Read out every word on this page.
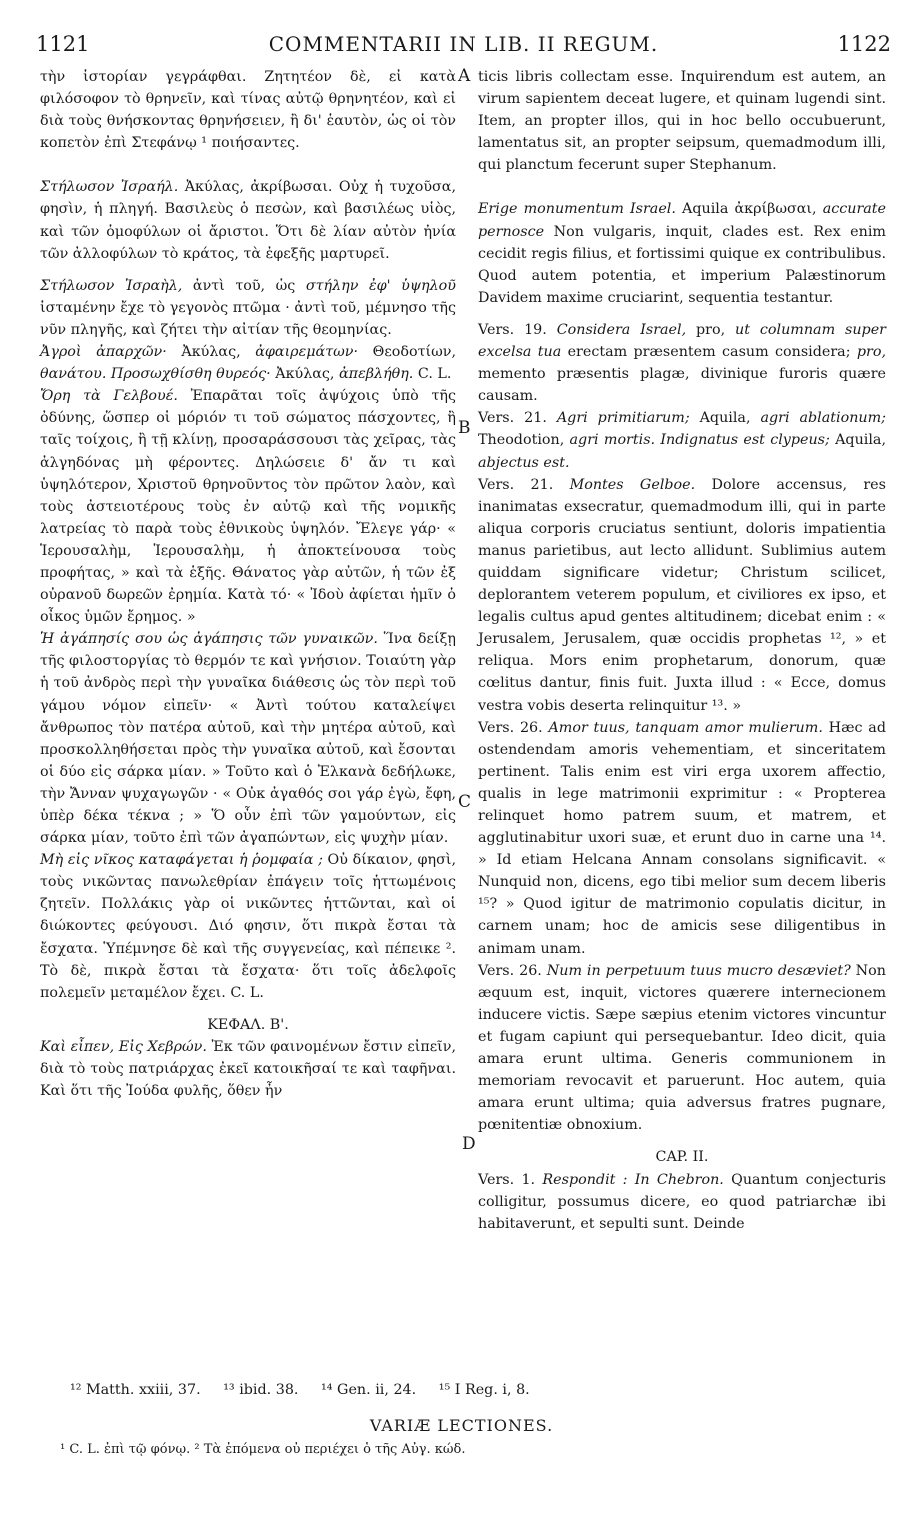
1121	COMMENTARII IN LIB. II REGUM.	1122

τὴν ἱστορίαν γεγράφθαι. Ζητητέον δὲ, εἰ κατὰ φιλόσοφον τὸ θρηνεῖν, καὶ τίνας αὐτῷ θρηνητέον, καὶ εἰ διὰ τοὺς θνήσκοντας θρηνήσειεν, ἢ δι' ἑαυτὸν, ὡς οἱ τὸν κοπετὸν ἐπὶ Στεφάνῳ ¹ ποιήσαντες.

Στήλωσον Ἰσραήλ. Ἀκύλας, ἀκρίβωσαι. Οὐχ ἡ τυχοῦσα, φησὶν, ἡ πληγή. Βασιλεὺς ὁ πεσὼν, καὶ βασιλέως υἱὸς, καὶ τῶν ὁμοφύλων οἱ ἄριστοι. Ὅτι δὲ λίαν αὐτὸν ἠνία τῶν ἀλλοφύλων τὸ κράτος, τὰ ἐφεξῆς μαρτυρεῖ.

Στήλωσον Ἰσραὴλ, ἀντὶ τοῦ, ὡς στήλην ἐφ' ὑψηλοῦ ἱσταμένην ἔχε τὸ γεγονὸς πτῶμα · ἀντὶ τοῦ, μέμνησο τῆς νῦν πληγῆς, καὶ ζήτει τὴν αἰτίαν τῆς θεομηνίας.

Ἀγροὶ ἀπαρχῶν· Ἀκύλας, ἀφαιρεμάτων· Θεοδοτίων, θανάτου. Προσωχθίσθη θυρεός· Ἀκύλας, ἀπεβλήθη. C. L.

Ὄρη τὰ Γελβουέ. Ἐπαρᾶται τοῖς ἀψύχοις ὑπὸ τῆς ὀδύνης, ὥσπερ οἱ μόριόν τι τοῦ σώματος πάσχοντες, ἢ ταῖς τοίχοις, ἢ τῇ κλίνῃ, προσαράσσουσι τὰς χεῖρας, τὰς ἀλγηδόνας μὴ φέροντες. Δηλώσειε δ' ἄν τι καὶ ὑψηλότερον, Χριστοῦ θρηνοῦντος τὸν πρῶτον λαὸν, καὶ τοὺς ἀστειοτέρους τοὺς ἐν αὐτῷ καὶ τῆς νομικῆς λατρείας τὸ παρὰ τοὺς ἐθνικοὺς ὑψηλόν. Ἔλεγε γάρ· « Ἱερουσαλὴμ, Ἱερουσαλὴμ, ἡ ἀποκτείνουσα τοὺς προφήτας, » καὶ τὰ ἑξῆς. Θάνατος γὰρ αὐτῶν, ἡ τῶν ἐξ οὐρανοῦ δωρεῶν ἐρημία. Κατὰ τό· « Ἰδοὺ ἀφίεται ἡμῖν ὁ οἶκος ὑμῶν ἔρημος. »

Ἡ ἀγάπησίς σου ὡς ἀγάπησις τῶν γυναικῶν. Ἵνα δείξῃ τῆς φιλοστοργίας τὸ θερμόν τε καὶ γνήσιον. Τοιαύτη γὰρ ἡ τοῦ ἀνδρὸς περὶ τὴν γυναῖκα διάθεσις ὡς τὸν περὶ τοῦ γάμου νόμον εἰπεῖν· « Ἀντὶ τούτου καταλείψει ἄνθρωπος τὸν πατέρα αὐτοῦ, καὶ τὴν μητέρα αὐτοῦ, καὶ προσκολληθήσεται πρὸς τὴν γυναῖκα αὐτοῦ, καὶ ἔσονται οἱ δύο εἰς σάρκα μίαν. » Τοῦτο καὶ ὁ Ἐλκανὰ δεδήλωκε, τὴν Ἄνναν ψυχαγωγῶν · « Οὐκ ἀγαθός σοι γάρ ἐγὼ, ἔφη, ὑπὲρ δέκα τέκνα ; » Ὅ οὖν ἐπὶ τῶν γαμούντων, εἰς σάρκα μίαν, τοῦτο ἐπὶ τῶν ἀγαπώντων, εἰς ψυχὴν μίαν.

Μὴ εἰς νῖκος καταφάγεται ἡ ῥομφαία ; Οὐ δίκαιον, φησὶ, τοὺς νικῶντας πανωλεθρίαν ἐπάγειν τοῖς ἡττωμένοις ζητεῖν. Πολλάκις γὰρ οἱ νικῶντες ἡττῶνται, καὶ οἱ διώκοντες φεύγουσι. Διό φησιν, ὅτι πικρὰ ἔσται τὰ ἔσχατα. Ὑπέμνησε δὲ καὶ τῆς συγγενείας, καὶ πέπεικε ². Τὸ δὲ, πικρὰ ἔσται τὰ ἔσχατα· ὅτι τοῖς ἀδελφοῖς πολεμεῖν μεταμέλον ἔχει. C. L.

ΚΕΦΑΛ. Β'.

Καὶ εἶπεν, Εἰς Χεβρών. Ἐκ τῶν φαινομένων ἔστιν εἰπεῖν, διὰ τὸ τοὺς πατριάρχας ἐκεῖ κατοικῆσαί τε καὶ ταφῆναι. Καὶ ὅτι τῆς Ἰούδα φυλῆς, ὅθεν ἦν

ticis libris collectam esse. Inquirendum est autem, an virum sapientem deceat lugere, et quinam lugendi sint. Item, an propter illos, qui in hoc bello occubuerunt, lamentatus sit, an propter seipsum, quemadmodum illi, qui planctum fecerunt super Stephanum.

Erige monumentum Israel. Aquila ἀκρίβωσαι, accurate pernosce Non vulgaris, inquit, clades est. Rex enim cecidit regis filius, et fortissimi quique ex contribulibus. Quod autem potentia, et imperium Palæstinorum Davidem maxime cruciarint, sequentia testantur.

Vers. 19. Considera Israel, pro, ut columnam super excelsa tua erectam præsentem casum considera; pro, memento præsentis plagæ, divinique furoris quære causam.

Vers. 21. Agri primitiarum; Aquila, agri ablationum; Theodotion, agri mortis. Indignatus est clypeus; Aquila, abjectus est.

Vers. 21. Montes Gelboe. Dolore accensus, res inanimatas exsecratur, quemadmodum illi, qui in parte aliqua corporis cruciatus sentiunt, doloris impatientia manus parietibus, aut lecto allidunt. Sublimius autem quiddam significare videtur; Christum scilicet, deplorantem veterem populum, et civiliores ex ipso, et legalis cultus apud gentes altitudinem; dicebat enim : « Jerusalem, Jerusalem, quæ occidis prophetas ¹², » et reliqua. Mors enim prophetarum, donorum, quæ cœlitus dantur, finis fuit. Juxta illud : « Ecce, domus vestra vobis deserta relinquitur ¹³. »

Vers. 26. Amor tuus, tanquam amor mulierum. Hæc ad ostendendam amoris vehementiam, et sinceritatem pertinent. Talis enim est viri erga uxorem affectio, qualis in lege matrimonii exprimitur : « Propterea relinquet homo patrem suum, et matrem, et agglutinabitur uxori suæ, et erunt duo in carne una ¹⁴. » Id etiam Helcana Annam consolans significavit. « Nunquid non, dicens, ego tibi melior sum decem liberis ¹⁵? » Quod igitur de matrimonio copulatis dicitur, in carnem unam; hoc de amicis sese diligentibus in animam unam.

Vers. 26. Num in perpetuum tuus mucro desæviet? Non æquum est, inquit, victores quærere internecionem inducere victis. Sæpe sæpius etenim victores vincuntur et fugam capiunt qui persequebantur. Ideo dicit, quia amara erunt ultima. Generis communionem in memoriam revocavit et paruerunt. Hoc autem, quia amara erunt ultima; quia adversus fratres pugnare, pœnitentiæ obnoxium.

CAP. II.

Vers. 1. Respondit : In Chebron. Quantum conjecturis colligitur, possumus dicere, eo quod patriarchæ ibi habitaverunt, et sepulti sunt. Deinde

A
B
C
D
¹² Matth. xxiii, 37. ¹³ ibid. 38. ¹⁴ Gen. ii, 24. ¹⁵ I Reg. i, 8.
VARIÆ LECTIONES.
¹ C. L. ἐπὶ τῷ φόνῳ. ² Τὰ ἑπόμενα οὐ περιέχει ὁ τῆς Αὐγ. κώδ.
